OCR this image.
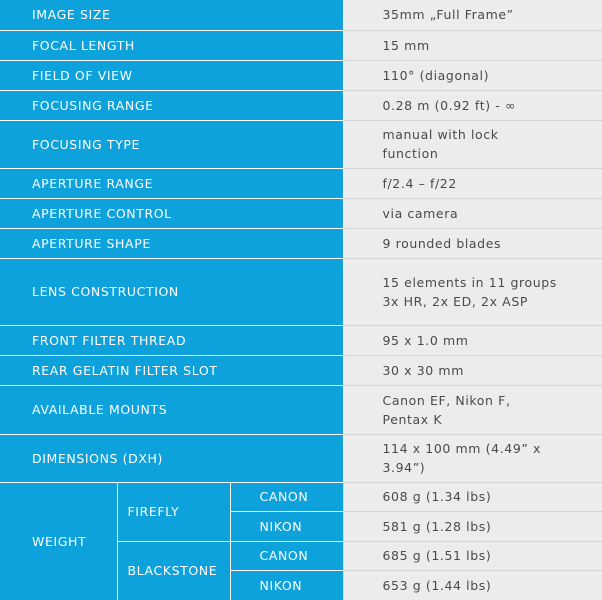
IMAGE SIZE			35mm „Full Frame”
FOCAL LENGTH			15 mm
FIELD OF VIEW			110° (diagonal)
FOCUSING RANGE			0.28 m (0.92 ft) - ∞
FOCUSING TYPE			manual with lock function
APERTURE RANGE			f/2.4 – f/22
APERTURE CONTROL			via camera
APERTURE SHAPE			9 rounded blades
LENS CONSTRUCTION			15 elements in 11 groups 3x HR, 2x ED, 2x ASP
FRONT FILTER THREAD			95 x 1.0 mm
REAR GELATIN FILTER SLOT			30 x 30 mm
AVAILABLE MOUNTS			Canon EF, Nikon F, Pentax K
DIMENSIONS (DXH)			114 x 100 mm (4.49” x 3.94”)
WEIGHT	FIREFLY	CANON	608 g (1.34 lbs)
		NIKON	581 g (1.28 lbs)
	BLACKSTONE	CANON	685 g (1.51 lbs)
		NIKON	653 g (1.44 lbs)
